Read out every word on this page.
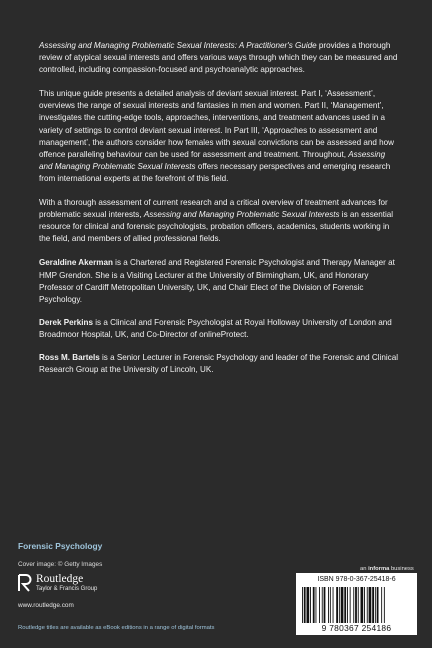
Assessing and Managing Problematic Sexual Interests: A Practitioner's Guide provides a thorough review of atypical sexual interests and offers various ways through which they can be measured and controlled, including compassion-focused and psychoanalytic approaches.

This unique guide presents a detailed analysis of deviant sexual interest. Part I, ‘Assessment’, overviews the range of sexual interests and fantasies in men and women. Part II, ‘Management’, investigates the cutting-edge tools, approaches, interventions, and treatment advances used in a variety of settings to control deviant sexual interest. In Part III, ‘Approaches to assessment and management’, the authors consider how females with sexual convictions can be assessed and how offence paralleling behaviour can be used for assessment and treatment. Throughout, Assessing and Managing Problematic Sexual Interests offers necessary perspectives and emerging research from international experts at the forefront of this field.

With a thorough assessment of current research and a critical overview of treatment advances for problematic sexual interests, Assessing and Managing Problematic Sexual Interests is an essential resource for clinical and forensic psychologists, probation officers, academics, students working in the field, and members of allied professional fields.

Geraldine Akerman is a Chartered and Registered Forensic Psychologist and Therapy Manager at HMP Grendon. She is a Visiting Lecturer at the University of Birmingham, UK, and Honorary Professor of Cardiff Metropolitan University, UK, and Chair Elect of the Division of Forensic Psychology.

Derek Perkins is a Clinical and Forensic Psychologist at Royal Holloway University of London and Broadmoor Hospital, UK, and Co-Director of onlineProtect.

Ross M. Bartels is a Senior Lecturer in Forensic Psychology and leader of the Forensic and Clinical Research Group at the University of Lincoln, UK.

Forensic Psychology
Cover image: © Getty Images
Routledge
Taylor & Francis Group
www.routledge.com
Routledge titles are available as eBook editions in a range of digital formats
an informa business
ISBN 978-0-367-25418-6
9 780367 254186
